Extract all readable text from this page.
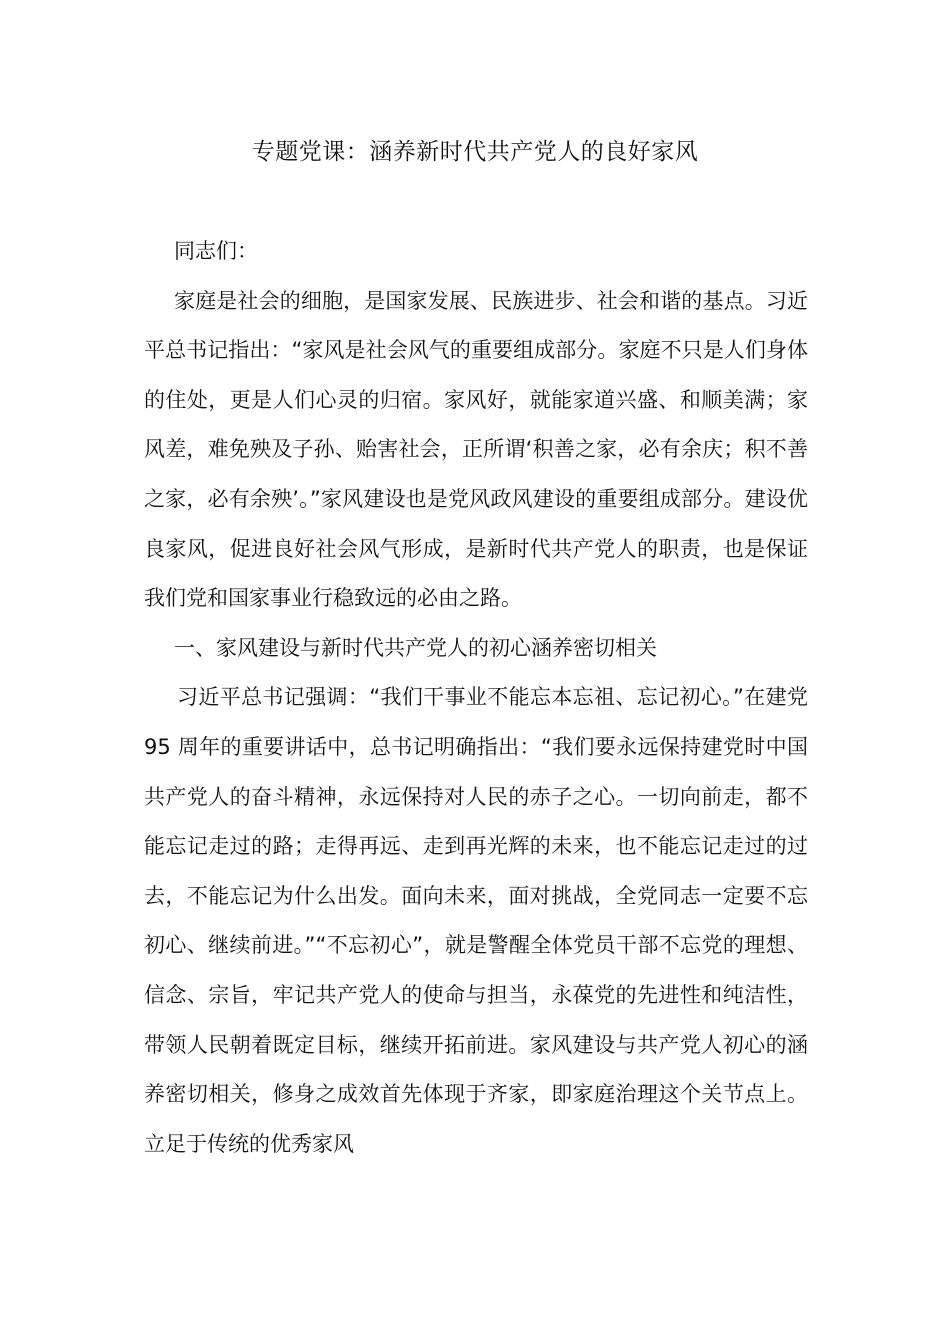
专题党课：涵养新时代共产党人的良好家风

同志们：

家庭是社会的细胞，是国家发展、民族进步、社会和谐的基点。习近平总书记指出：“家风是社会风气的重要组成部分。家庭不只是人们身体的住处，更是人们心灵的归宿。家风好，就能家道兴盛、和顺美满；家风差，难免殃及子孙、贻害社会，正所谓‘积善之家，必有余庆；积不善之家，必有余殃’。”家风建设也是党风政风建设的重要组成部分。建设优良家风，促进良好社会风气形成，是新时代共产党人的职责，也是保证我们党和国家事业行稳致远的必由之路。

一、家风建设与新时代共产党人的初心涵养密切相关

习近平总书记强调：“我们干事业不能忘本忘祖、忘记初心。”在建党 95 周年的重要讲话中，总书记明确指出：“我们要永远保持建党时中国共产党人的奋斗精神，永远保持对人民的赤子之心。一切向前走，都不能忘记走过的路；走得再远、走到再光辉的未来，也不能忘记走过的过去，不能忘记为什么出发。面向未来，面对挑战，全党同志一定要不忘初心、继续前进。”“不忘初心”，就是警醒全体党员干部不忘党的理想、信念、宗旨，牢记共产党人的使命与担当，永葆党的先进性和纯洁性，带领人民朝着既定目标，继续开拓前进。家风建设与共产党人初心的涵养密切相关，修身之成效首先体现于齐家，即家庭治理这个关节点上。立足于传统的优秀家风
